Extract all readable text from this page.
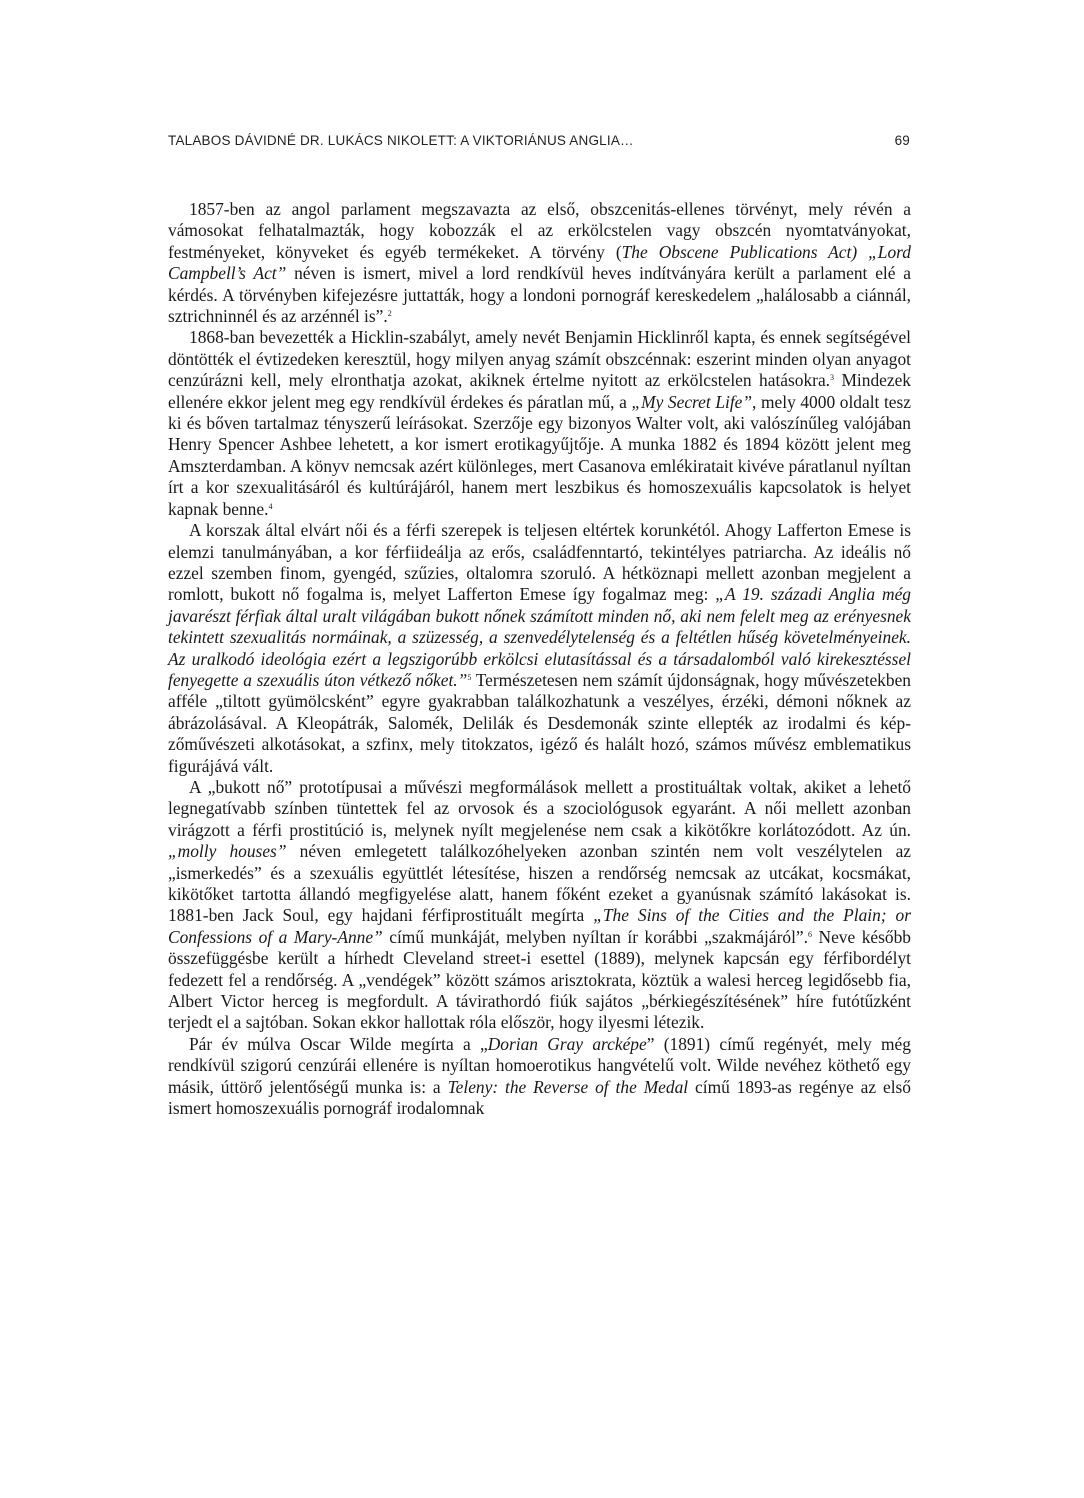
TALABOS DÁVIDNÉ DR. LUKÁCS NIKOLETT: A VIKTORIÁNUS ANGLIA…	69

1857-ben az angol parlament megszavazta az első, obszcenitás-ellenes törvényt, mely révén a vámosokat felhatalmazták, hogy kobozzák el az erkölcstelen vagy obszcén nyomtatványokat, festményeket, könyveket és egyéb termékeket. A törvény (The Obscene Publications Act) „Lord Campbell’s Act” néven is ismert, mivel a lord rendkívül heves indítványára került a parlament elé a kérdés. A törvényben kifejezésre juttatták, hogy a londoni pornográf kereskedelem „halálosabb a ciánnál, sztrichninnél és az arzénnél is”.$^2$

1868-ban bevezették a Hicklin-szabályt, amely nevét Benjamin Hicklinről kapta, és ennek segítségével döntötték el évtizedeken keresztül, hogy milyen anyag számít obszcénnak: eszerint minden olyan anyagot cenzúrázni kell, mely elronthatja azokat, akiknek értelme nyitott az erkölcstelen hatásokra.$^3$ Mindezek ellenére ekkor jelent meg egy rendkívül érdekes és páratlan mű, a „My Secret Life”, mely 4000 oldalt tesz ki és bőven tartalmaz tényszerű leírásokat. Szerzője egy bizonyos Walter volt, aki valószínűleg valójában Henry Spencer Ashbee lehetett, a kor ismert erotikagyűjtője. A munka 1882 és 1894 között jelent meg Amszterdamban. A könyv nemcsak azért különleges, mert Casanova emlékiratait kivéve páratlanul nyíltan írt a kor szexualitásáról és kultúrájáról, hanem mert leszbikus és homoszexuális kapcsolatok is helyet kapnak benne.$^4$

A korszak által elvárt női és a férfi szerepek is teljesen eltértek korunkétól. Ahogy Lafferton Emese is elemzi tanulmányában, a kor férfiideálja az erős, családfenntartó, tekintélyes patriarcha. Az ideális nő ezzel szemben finom, gyengéd, szűzies, oltalomra szoruló. A hétköznapi mellett azonban megjelent a romlott, bukott nő fogalma is, melyet Lafferton Emese így fogalmaz meg: „A 19. századi Anglia még javarészt férfiak által uralt világában bukott nőnek számított minden nő, aki nem felelt meg az erényesnek tekintett szexualitás normáinak, a szüzesség, a szenvedélytelenség és a feltétlen hűség követelményeinek. Az uralkodó ideológia ezért a legszigorúbb erkölcsi elutasítással és a társadalomból való kirekesztéssel fenyegette a szexuális úton vétkező nőket.”$^5$ Természetesen nem számít újdonságnak, hogy művészetekben afféle „tiltott gyümölcsként” egyre gyakrabban találkozhatunk a veszélyes, érzéki, démoni nőknek az ábrázolásával. A Kleopátrák, Salomék, Delilák és Desdemonák szinte ellepték az irodalmi és képzőművészeti alkotásokat, a szfinx, mely titokzatos, igéző és halált hozó, számos művész emblematikus figurájává vált.

A „bukott nő” prototípusai a művészi megformálások mellett a prostituáltak voltak, akiket a lehető legnegatívabb színben tüntettek fel az orvosok és a szociológusok egyaránt. A női mellett azonban virágzott a férfi prostitúció is, melynek nyílt megjelenése nem csak a kikötőkre korlátozódott. Az ún. „molly houses” néven emlegetett találkozóhelyeken azonban szintén nem volt veszélytelen az „ismerkedés” és a szexuális együttlét létesítése, hiszen a rendőrség nemcsak az utcákat, kocsmákat, kikötőket tartotta állandó megfigyelése alatt, hanem főként ezeket a gyanúsnak számító lakásokat is. 1881-ben Jack Soul, egy hajdani férfiprostituált megírta „The Sins of the Cities and the Plain; or Confessions of a Mary-Anne” című munkáját, melyben nyíltan ír korábbi „szakmájáról”.$^6$ Neve később összefüggésbe került a hírhedt Cleveland street-i esettel (1889), melynek kapcsán egy férfibordélyt fedezett fel a rendőrség. A „vendégek” között számos arisztokrata, köztük a walesi herceg legidősebb fia, Albert Victor herceg is megfordult. A távirathordó fiúk sajátos „bérkiegészítésének” híre futótűzként terjedt el a sajtóban. Sokan ekkor hallottak róla először, hogy ilyesmi létezik.

Pár év múlva Oscar Wilde megírta a „Dorian Gray arcképe” (1891) című regényét, mely még rendkívül szigorú cenzúrái ellenére is nyíltan homoerotikus hangvételű volt. Wilde nevéhez köthető egy másik, úttörő jelentőségű munka is: a Teleny: the Reverse of the Medal című 1893-as regénye az első ismert homoszexuális pornográf irodalomnak
